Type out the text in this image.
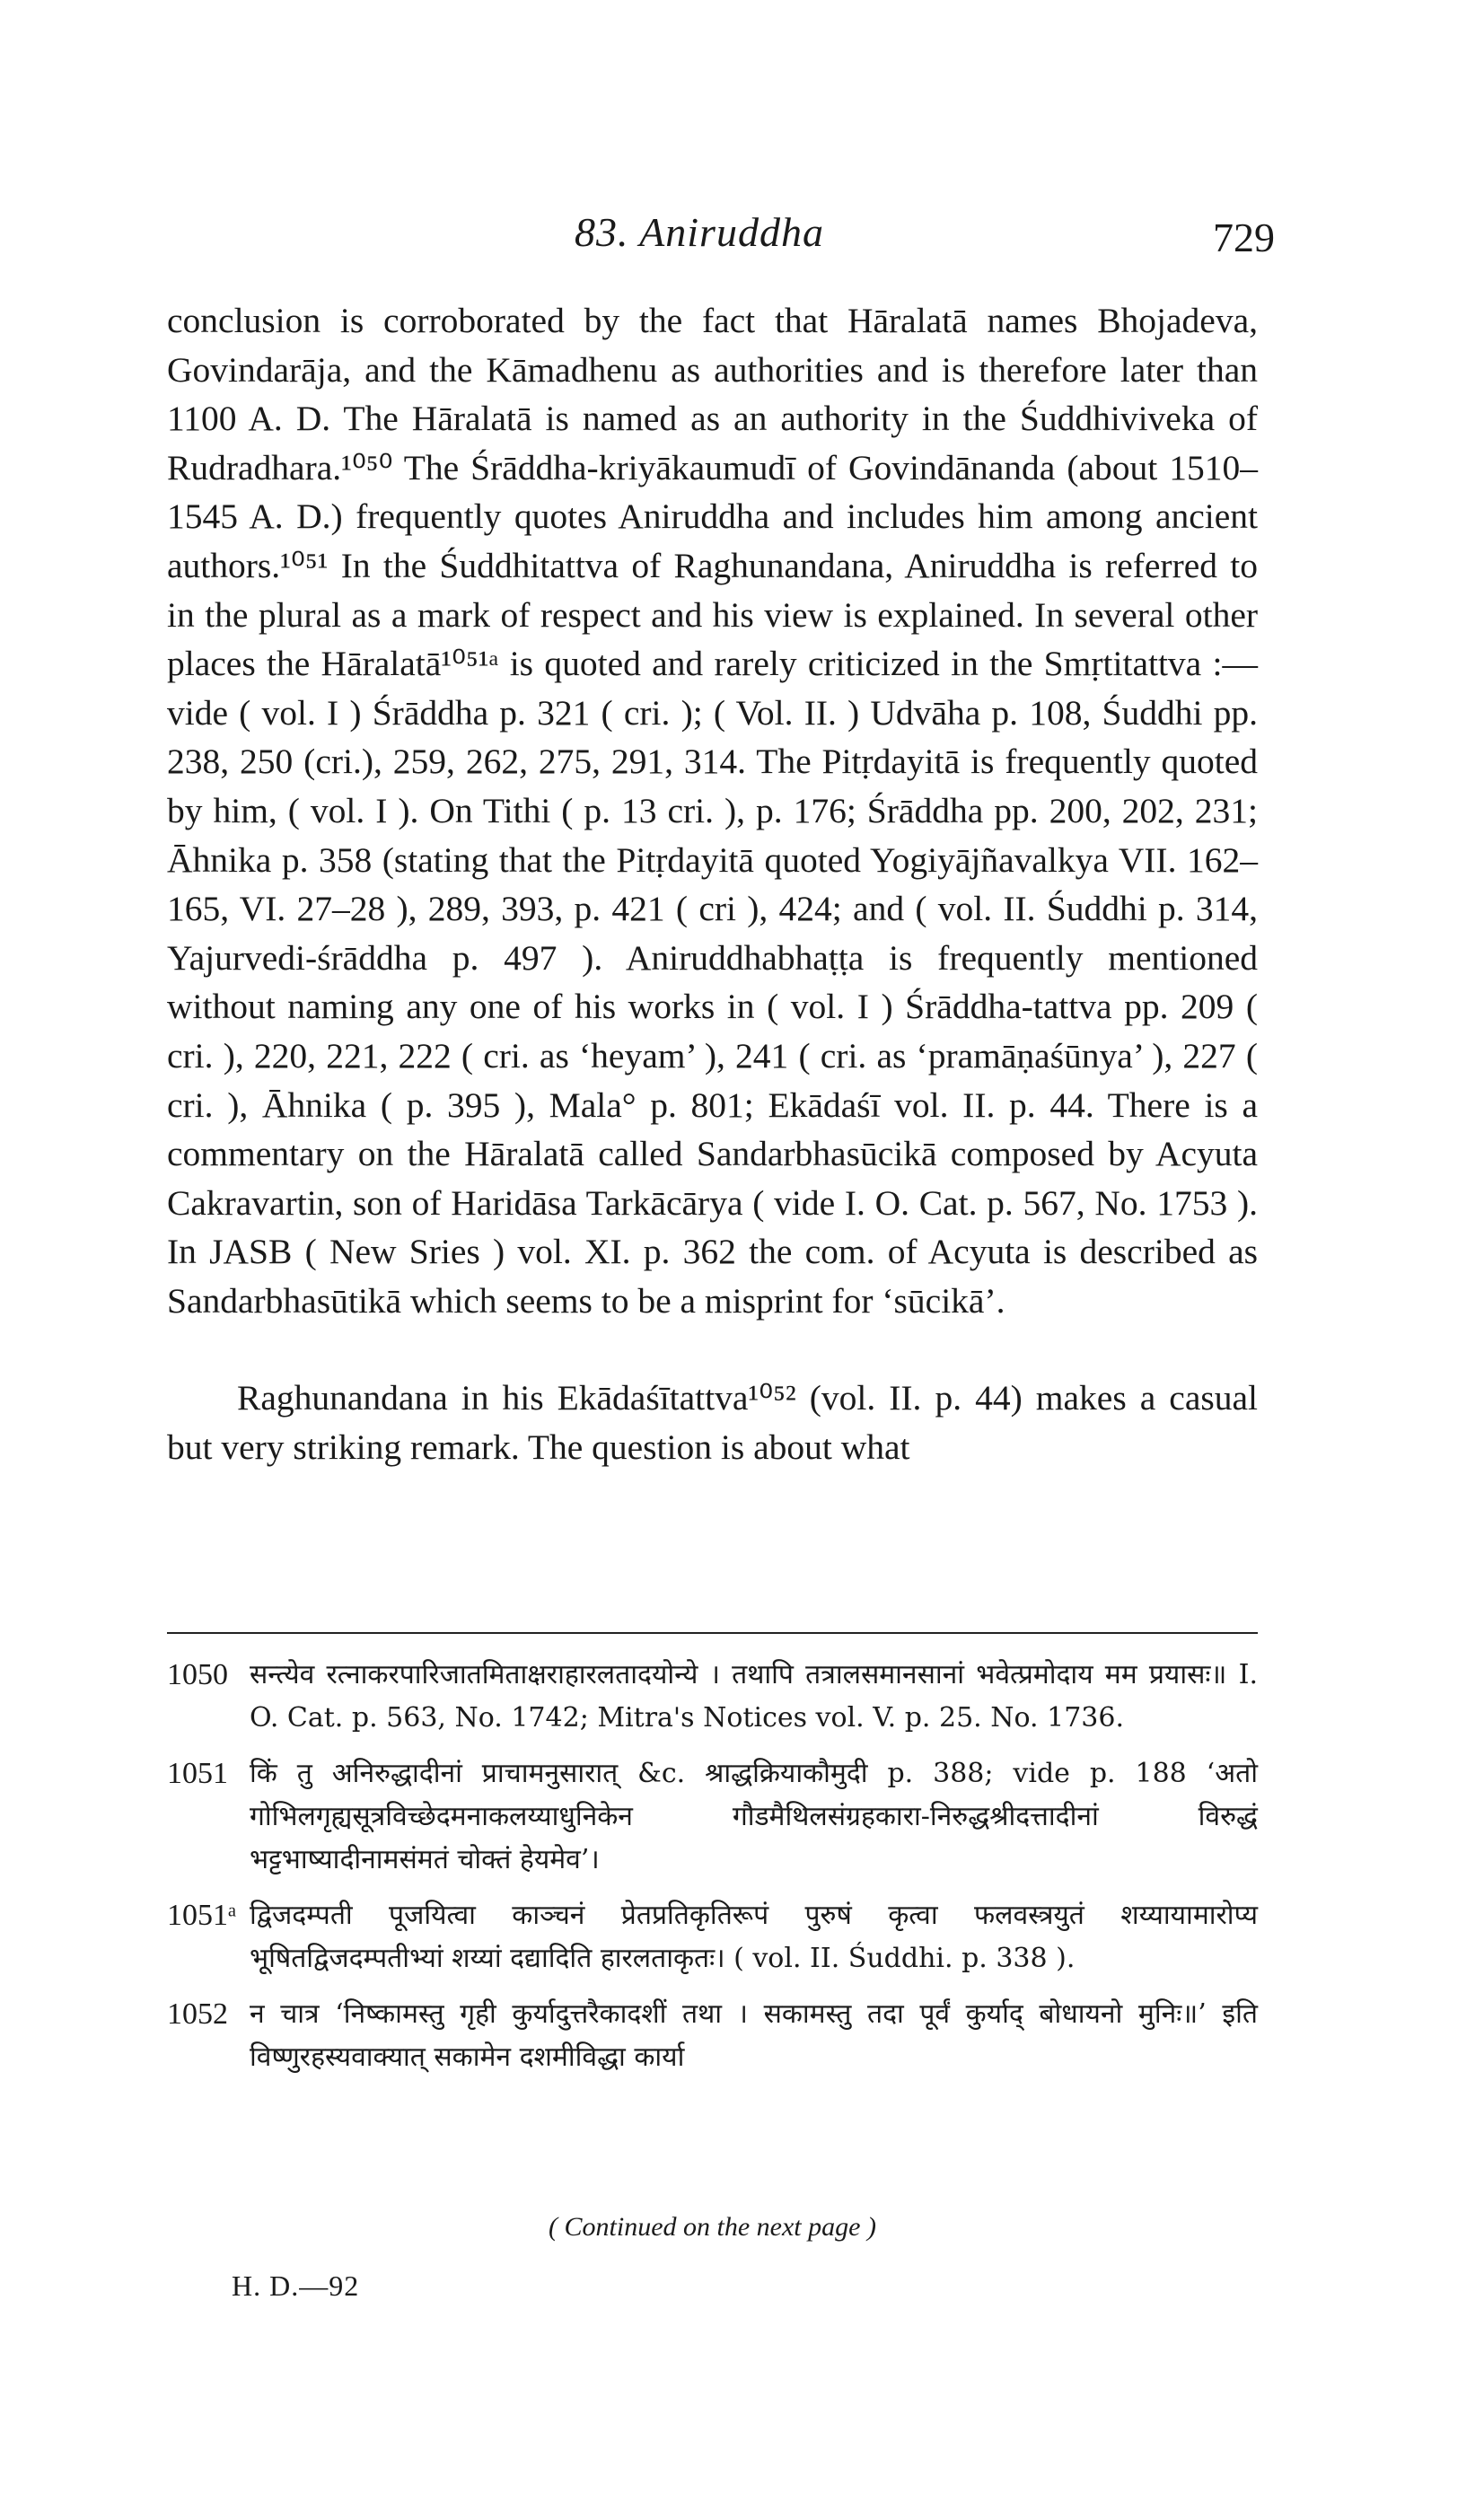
83. Aniruddha	729

conclusion is corroborated by the fact that Hāralatā names Bhojadeva, Govindarāja, and the Kāmadhenu as authorities and is therefore later than 1100 A. D. The Hāralatā is named as an authority in the Śuddhiviveka of Rudradhara.¹⁰⁵⁰ The Śrāddha-kriyākaumudī of Govindānanda (about 1510–1545 A. D.) frequently quotes Aniruddha and includes him among ancient authors.¹⁰⁵¹ In the Śuddhitattva of Raghunandana, Aniruddha is referred to in the plural as a mark of respect and his view is explained. In several other places the Hāralatā¹⁰⁵¹ᵃ is quoted and rarely criticized in the Smṛtitattva :— vide ( vol. I ) Śrāddha p. 321 ( cri. ); ( Vol. II. ) Udvāha p. 108, Śuddhi pp. 238, 250 (cri.), 259, 262, 275, 291, 314. The Pitṛdayitā is frequently quoted by him, ( vol. I ). On Tithi ( p. 13 cri. ), p. 176; Śrāddha pp. 200, 202, 231; Āhnika p. 358 (stating that the Pitṛdayitā quoted Yogiyājñavalkya VII. 162–165, VI. 27–28 ), 289, 393, p. 421 ( cri ), 424; and ( vol. II. Śuddhi p. 314, Yajurvedi-śrāddha p. 497 ). Aniruddhabhaṭṭa is frequently mentioned without naming any one of his works in ( vol. I ) Śrāddha-tattva pp. 209 ( cri. ), 220, 221, 222 ( cri. as ‘heyam’ ), 241 ( cri. as ‘pramāṇaśūnya’ ), 227 ( cri. ), Āhnika ( p. 395 ), Mala° p. 801; Ekādaśī vol. II. p. 44. There is a commentary on the Hāralatā called Sandarbhasūcikā composed by Acyuta Cakravartin, son of Haridāsa Tarkācārya ( vide I. O. Cat. p. 567, No. 1753 ). In JASB ( New Sries ) vol. XI. p. 362 the com. of Acyuta is described as Sandarbhasūtikā which seems to be a misprint for ‘sūcikā’.

Raghunandana in his Ekādaśītattva¹⁰⁵² (vol. II. p. 44) makes a casual but very striking remark. The question is about what

1050 सन्त्येव रत्नाकरपारिजातमिताक्षराहारलतादयोन्ये । तथापि तत्रालसमानसानां भवेत्प्रमोदाय मम प्रयासः॥ I. O. Cat. p. 563, No. 1742; Mitra's Notices vol. V. p. 25. No. 1736.
1051 किं तु अनिरुद्धादीनां प्राचामनुसारात् &c. श्राद्धक्रियाकौमुदी p. 388; vide p. 188 ‘अतो गोभिलगृह्यसूत्रविच्छेदमनाकलय्याधुनिकेन गौडमैथिलसंग्रहकारा-निरुद्धश्रीदत्तादीनां विरुद्धं भट्टभाष्यादीनामसंमतं चोक्तं हेयमेव’।
1051ᵃ द्विजदम्पती पूजयित्वा काञ्चनं प्रेतप्रतिकृतिरूपं पुरुषं कृत्वा फलवस्त्रयुतं शय्यायामारोप्य भूषितद्विजदम्पतीभ्यां शय्यां दद्यादिति हारलताकृतः। ( vol. II. Śuddhi. p. 338 ).
1052 न चात्र ‘निष्कामस्तु गृही कुर्यादुत्तरैकादशीं तथा । सकामस्तु तदा पूर्वं कुर्याद् बोधायनो मुनिः॥’ इति विष्णुरहस्यवाक्यात् सकामेन दशमीविद्धा कार्या
( Continued on the next page )
H. D.—92
